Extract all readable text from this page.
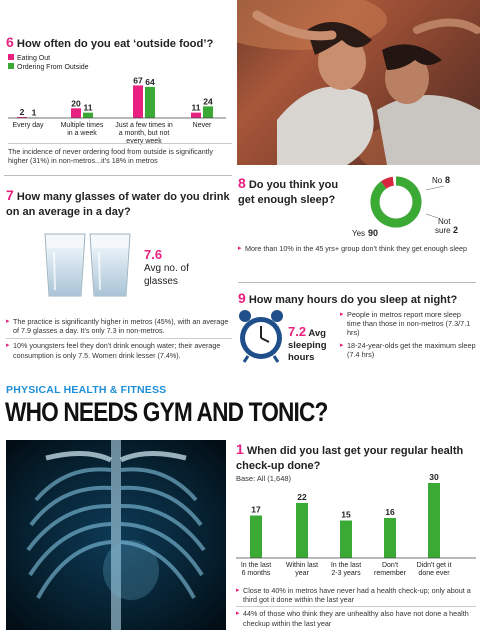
6 How often do you eat ‘outside food’?
Eating Out
Ordering From Outside
2 1
Every day
20 11
Multiple times in a week
67 64
Just a few times in a month, but not every week
11
24
Never
The incidence of never ordering food from outside is significantly higher (31%) in non-metros...it’s 18% in metros
7 How many glasses of water do you drink on an average in a day?
7.6
Avg no. of glasses
▸ The practice is significantly higher in metros (45%), with an average of 7.9 glasses a day. It’s only 7.3 in non-metros.
▸ 10% youngsters feel they don’t drink enough water; their average consumption is only 7.5. Women drink lesser (7.4%).
8 Do you think you get enough sleep?
No 8
Not
sure 2
Yes 90
▸ More than 10% in the 45 yrs+ group don’t think they get enough sleep
9 How many hours do you sleep at night?
7.2 Avg
sleeping hours
▸ People in metros report more sleep time than those in non-metros (7.3/7.1 hrs)
▸ 18-24-year-olds get the maximum sleep (7.4 hrs)
PHYSICAL HEALTH & FITNESS
WHO NEEDS GYM AND TONIC?
1 When did you last get your regular health check-up done?
Base: All (1,648)
17
In the last 6 months
22
Within last year
15
In the last 2-3 years
16
Don't remember
30
Didn't get it done ever
▸ Close to 40% in metros have never had a health check-up; only about a third got it done within the last year
▸ 44% of those who think they are unhealthy also have not done a health checkup within the last year
